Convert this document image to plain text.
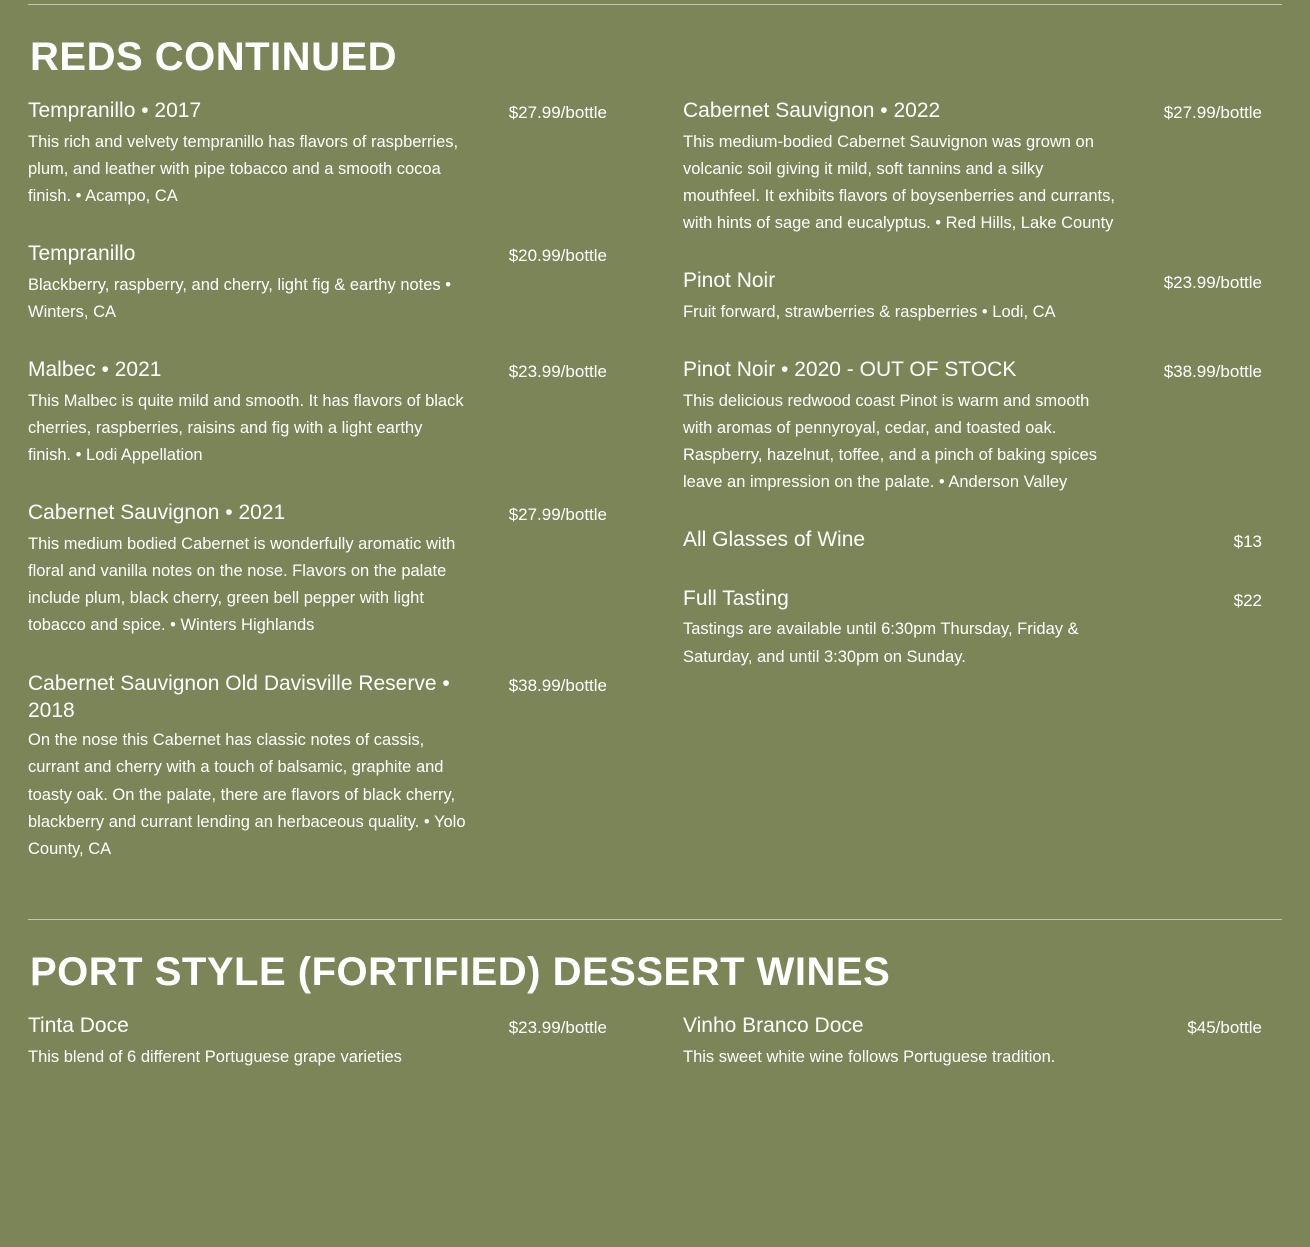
REDS CONTINUED
Tempranillo • 2017	$27.99/bottle
This rich and velvety tempranillo has flavors of raspberries, plum, and leather with pipe tobacco and a smooth cocoa finish. • Acampo, CA
Tempranillo	$20.99/bottle
Blackberry, raspberry, and cherry, light fig & earthy notes • Winters, CA
Malbec • 2021	$23.99/bottle
This Malbec is quite mild and smooth. It has flavors of black cherries, raspberries, raisins and fig with a light earthy finish. • Lodi Appellation
Cabernet Sauvignon • 2021	$27.99/bottle
This medium bodied Cabernet is wonderfully aromatic with floral and vanilla notes on the nose. Flavors on the palate include plum, black cherry, green bell pepper with light tobacco and spice. • Winters Highlands
Cabernet Sauvignon Old Davisville Reserve • 2018
$38.99/bottle
On the nose this Cabernet has classic notes of cassis, currant and cherry with a touch of balsamic, graphite and toasty oak. On the palate, there are flavors of black cherry, blackberry and currant lending an herbaceous quality. • Yolo County, CA
Cabernet Sauvignon • 2022	$27.99/bottle
This medium-bodied Cabernet Sauvignon was grown on volcanic soil giving it mild, soft tannins and a silky mouthfeel. It exhibits flavors of boysenberries and currants, with hints of sage and eucalyptus. • Red Hills, Lake County
Pinot Noir	$23.99/bottle
Fruit forward, strawberries & raspberries • Lodi, CA
Pinot Noir • 2020 - OUT OF STOCK	$38.99/bottle
This delicious redwood coast Pinot is warm and smooth with aromas of pennyroyal, cedar, and toasted oak. Raspberry, hazelnut, toffee, and a pinch of baking spices leave an impression on the palate. • Anderson Valley
All Glasses of Wine	$13
Full Tasting	$22
Tastings are available until 6:30pm Thursday, Friday & Saturday, and until 3:30pm on Sunday.
PORT STYLE (FORTIFIED) DESSERT WINES
Tinta Doce	$23.99/bottle
This blend of 6 different Portuguese grape varieties
Vinho Branco Doce	$45/bottle
This sweet white wine follows Portuguese tradition.
